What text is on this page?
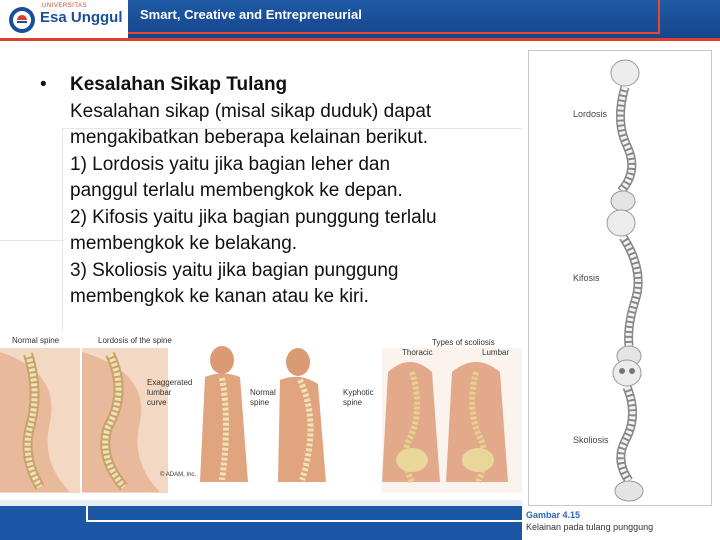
UNIVERSITAS
Esa Unggul Smart, Creative and Entrepreneurial
•	Kesalahan Sikap Tulang
Kesalahan sikap (misal sikap duduk) dapat
mengakibatkan beberapa kelainan berikut.
1) Lordosis yaitu jika bagian leher dan
panggul terlalu membengkok ke depan.
2) Kifosis yaitu jika bagian punggung terlalu
membengkok ke belakang.
3) Skoliosis yaitu jika bagian punggung
membengkok ke kanan atau ke kiri.
Normal spine	Lordosis of the spine
Exaggerated
lumbar
curve
Normal
spine
Kyphotic
spine
Types of scoliosis
Thoracic	Lumbar
© ADAM, Inc.
Lordosis
Kifosis
Skoliosis
Gambar 4.15
Kelainan pada tulang punggung
